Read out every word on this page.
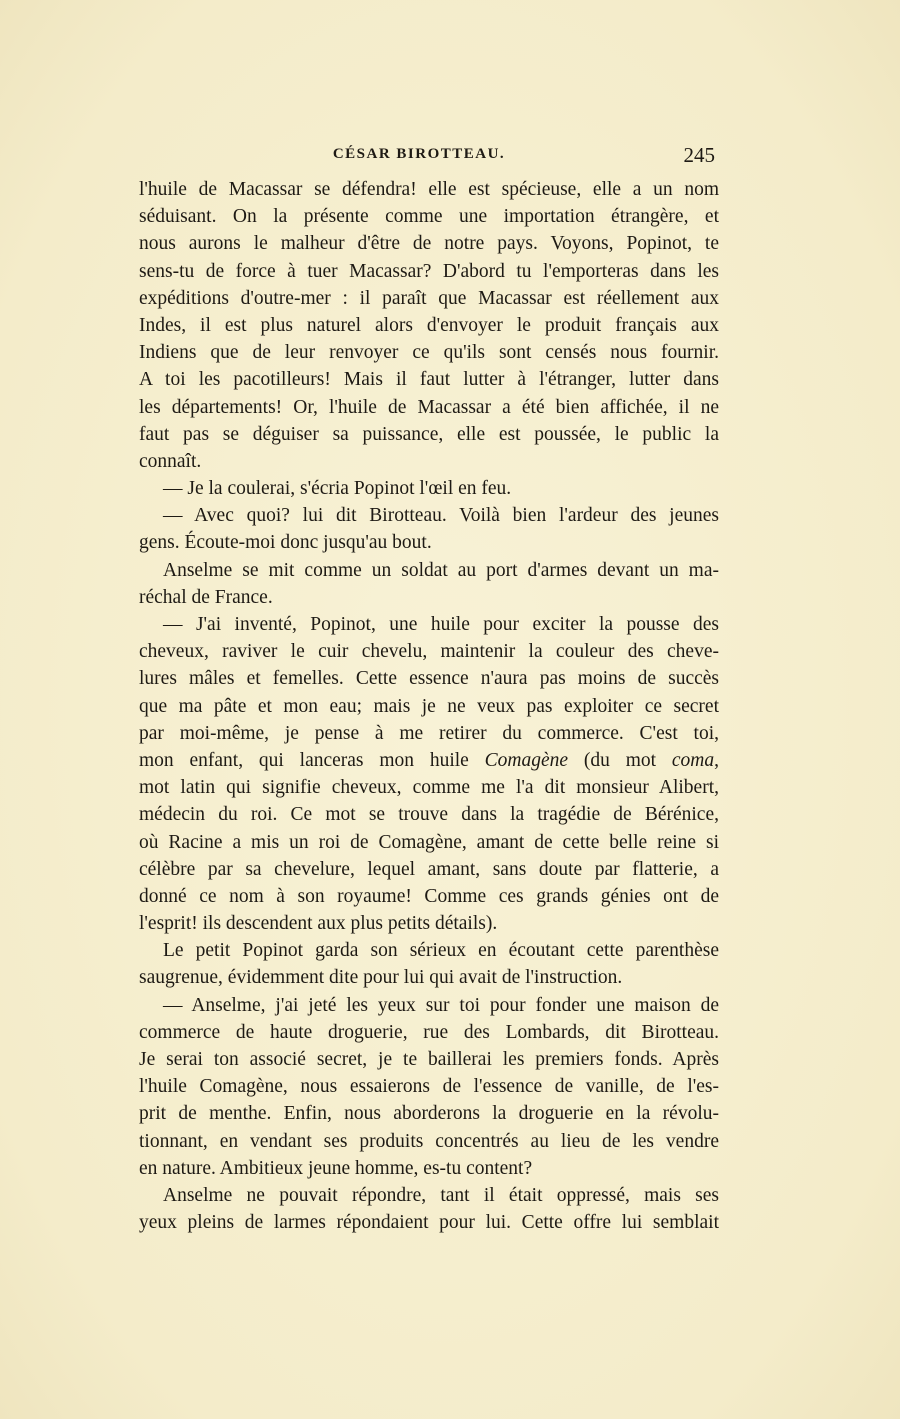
CÉSAR BIROTTEAU.	245
l'huile de Macassar se défendra! elle est spécieuse, elle a un nom
séduisant. On la présente comme une importation étrangère, et
nous aurons le malheur d'être de notre pays. Voyons, Popinot, te
sens-tu de force à tuer Macassar? D'abord tu l'emporteras dans les
expéditions d'outre-mer : il paraît que Macassar est réellement aux
Indes, il est plus naturel alors d'envoyer le produit français aux
Indiens que de leur renvoyer ce qu'ils sont censés nous fournir.
A toi les pacotilleurs! Mais il faut lutter à l'étranger, lutter dans
les départements! Or, l'huile de Macassar a été bien affichée, il ne
faut pas se déguiser sa puissance, elle est poussée, le public la
connaît.
— Je la coulerai, s'écria Popinot l'œil en feu.
— Avec quoi? lui dit Birotteau. Voilà bien l'ardeur des jeunes
gens. Écoute-moi donc jusqu'au bout.
Anselme se mit comme un soldat au port d'armes devant un ma-
réchal de France.
— J'ai inventé, Popinot, une huile pour exciter la pousse des
cheveux, raviver le cuir chevelu, maintenir la couleur des cheve-
lures mâles et femelles. Cette essence n'aura pas moins de succès
que ma pâte et mon eau; mais je ne veux pas exploiter ce secret
par moi-même, je pense à me retirer du commerce. C'est toi,
mon enfant, qui lanceras mon huile Comagène (du mot coma,
mot latin qui signifie cheveux, comme me l'a dit monsieur Alibert,
médecin du roi. Ce mot se trouve dans la tragédie de Bérénice,
où Racine a mis un roi de Comagène, amant de cette belle reine si
célèbre par sa chevelure, lequel amant, sans doute par flatterie, a
donné ce nom à son royaume! Comme ces grands génies ont de
l'esprit! ils descendent aux plus petits détails).
Le petit Popinot garda son sérieux en écoutant cette parenthèse
saugrenue, évidemment dite pour lui qui avait de l'instruction.
— Anselme, j'ai jeté les yeux sur toi pour fonder une maison de
commerce de haute droguerie, rue des Lombards, dit Birotteau.
Je serai ton associé secret, je te baillerai les premiers fonds. Après
l'huile Comagène, nous essaierons de l'essence de vanille, de l'es-
prit de menthe. Enfin, nous aborderons la droguerie en la révolu-
tionnant, en vendant ses produits concentrés au lieu de les vendre
en nature. Ambitieux jeune homme, es-tu content?
Anselme ne pouvait répondre, tant il était oppressé, mais ses
yeux pleins de larmes répondaient pour lui. Cette offre lui semblait
